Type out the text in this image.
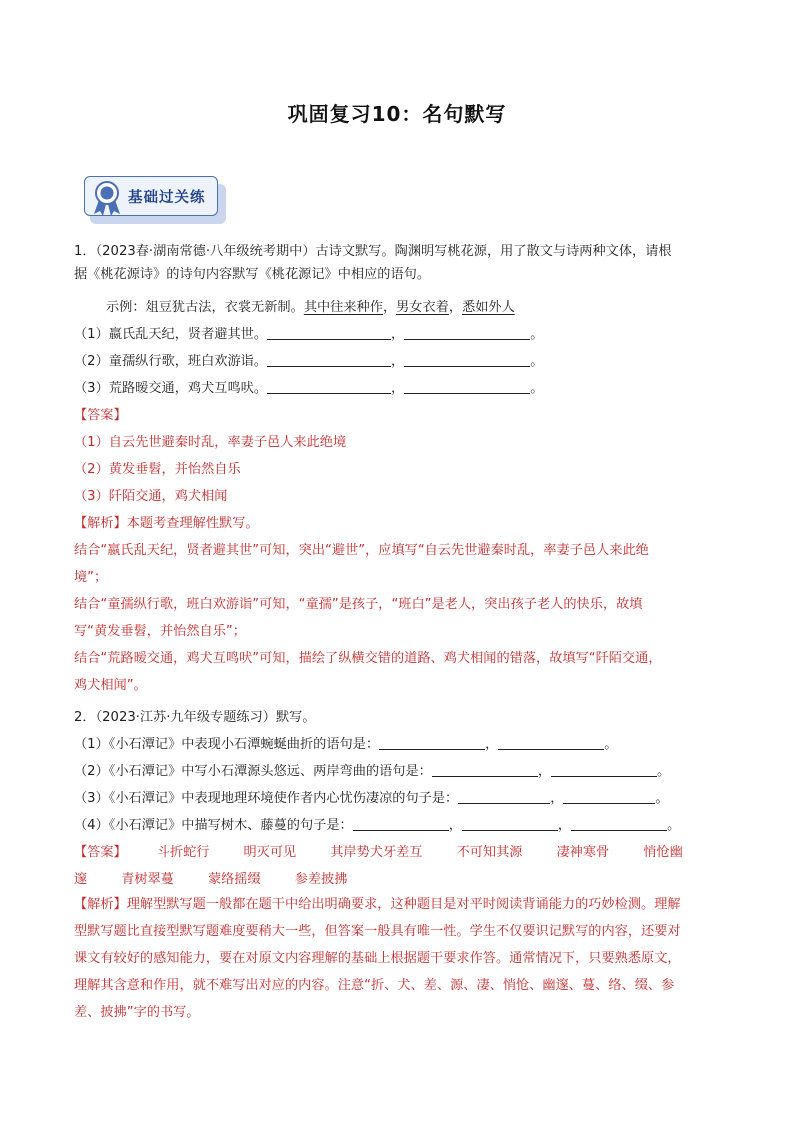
巩固复习10：名句默写
基础过关练
1．（2023春·湖南常德·八年级统考期中）古诗文默写。陶渊明写桃花源，用了散文与诗两种文体，请根
据《桃花源诗》的诗句内容默写《桃花源记》中相应的语句。
示例：俎豆犹古法，衣裳无新制。其中往来种作，男女衣着，悉如外人
（1）嬴氏乱天纪，贤者避其世。	，	。
（2）童孺纵行歌，班白欢游诣。	，	。
（3）荒路暧交通，鸡犬互鸣吠。	，	。
【答案】
（1）自云先世避秦时乱，率妻子邑人来此绝境
（2）黄发垂髫，并怡然自乐
（3）阡陌交通，鸡犬相闻
【解析】本题考查理解性默写。
结合“嬴氏乱天纪，贤者避其世”可知，突出“避世”，应填写“自云先世避秦时乱，率妻子邑人来此绝
境”；
结合“童孺纵行歌，班白欢游诣”可知，“童孺”是孩子，“班白”是老人，突出孩子老人的快乐，故填
写“黄发垂髫，并怡然自乐”；
结合“荒路暧交通，鸡犬互鸣吠”可知，描绘了纵横交错的道路、鸡犬相闻的错落，故填写“阡陌交通，
鸡犬相闻”。
2．（2023·江苏·九年级专题练习）默写。
（1）《小石潭记》中表现小石潭蜿蜒曲折的语句是：	，	。
（2）《小石潭记》中写小石潭源头悠远、两岸弯曲的语句是：	，	。
（3）《小石潭记》中表现地理环境使作者内心忧伤凄凉的句子是：	，	。
（4）《小石潭记》中描写树木、藤蔓的句子是：	，	，	。
【答案】 斗折蛇行	明灭可见	其岸势犬牙差互	不可知其源	凄神寒骨	悄怆幽
邃	青树翠蔓	蒙络摇缀	参差披拂
【解析】理解型默写题一般都在题干中给出明确要求，这种题目是对平时阅读背诵能力的巧妙检测。理解
型默写题比直接型默写题难度要稍大一些，但答案一般具有唯一性。学生不仅要识记默写的内容，还要对
课文有较好的感知能力，要在对原文内容理解的基础上根据题干要求作答。通常情况下，只要熟悉原文，
理解其含意和作用，就不难写出对应的内容。注意“折、犬、差、源、凄、悄怆、幽邃、蔓、络、缀、参
差、披拂”字的书写。
